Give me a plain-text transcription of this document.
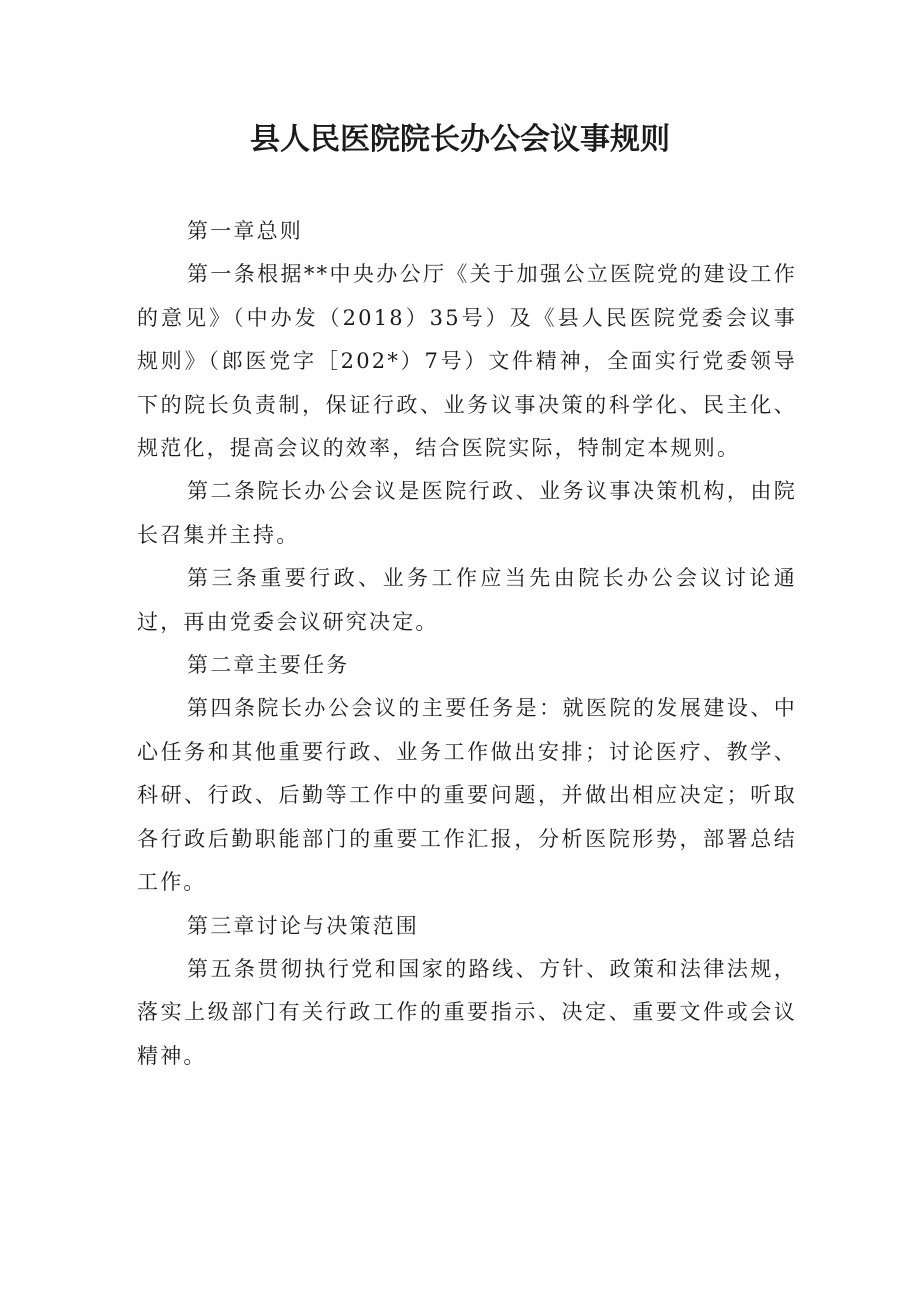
县人民医院院长办公会议事规则

第一章总则

第一条根据**中央办公厅《关于加强公立医院党的建设工作的意见》（中办发（2018）35号）及《县人民医院党委会议事规则》（郎医党字［202*）7号）文件精神，全面实行党委领导下的院长负责制，保证行政、业务议事决策的科学化、民主化、规范化，提高会议的效率，结合医院实际，特制定本规则。

第二条院长办公会议是医院行政、业务议事决策机构，由院长召集并主持。

第三条重要行政、业务工作应当先由院长办公会议讨论通过，再由党委会议研究决定。

第二章主要任务

第四条院长办公会议的主要任务是：就医院的发展建设、中心任务和其他重要行政、业务工作做出安排；讨论医疗、教学、科研、行政、后勤等工作中的重要问题，并做出相应决定；听取各行政后勤职能部门的重要工作汇报，分析医院形势，部署总结工作。

第三章讨论与决策范围

第五条贯彻执行党和国家的路线、方针、政策和法律法规，落实上级部门有关行政工作的重要指示、决定、重要文件或会议精神。
